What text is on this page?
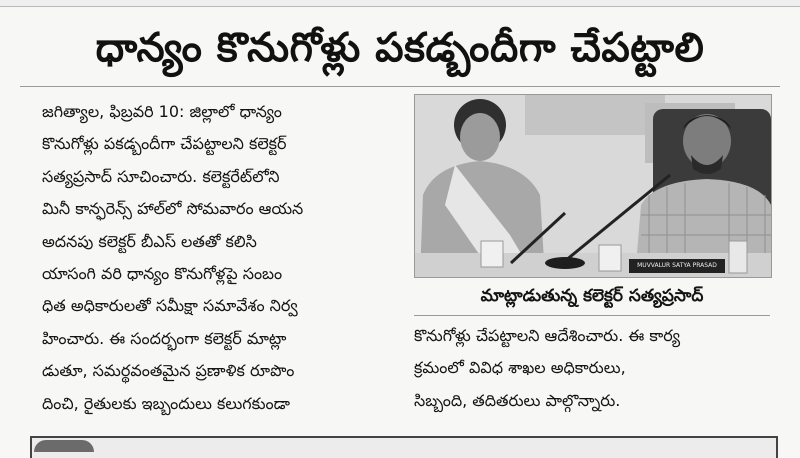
ధాన్యం కొనుగోళ్లు పకడ్బందీగా చేపట్టాలి
జగిత్యాల, ఫిబ్రవరి 10: జిల్లాలో ధాన్యం
కొనుగోళ్లు పకడ్బందీగా చేపట్టాలని కలెక్టర్
సత్యప్రసాద్ సూచించారు. కలెక్టరేట్‌లోని
మినీ కాన్ఫరెన్స్ హాల్‌లో సోమవారం ఆయన
అదనపు కలెక్టర్ బీఎస్ లతతో కలిసి
యాసంగి వరి ధాన్యం కొనుగోళ్లపై సంబం
ధిత అధికారులతో సమీక్షా సమావేశం నిర్వ
హించారు. ఈ సందర్భంగా కలెక్టర్ మాట్లా
డుతూ, సమర్థవంతమైన ప్రణాళిక రూపొం
దించి, రైతులకు ఇబ్బందులు కలుగకుండా
MUVVALUR SATYA PRASAD
మాట్లాడుతున్న కలెక్టర్ సత్యప్రసాద్
కొనుగోళ్లు చేపట్టాలని ఆదేశించారు. ఈ కార్య
క్రమంలో వివిధ శాఖల అధికారులు,
సిబ్బంది, తదితరులు పాల్గొన్నారు.
